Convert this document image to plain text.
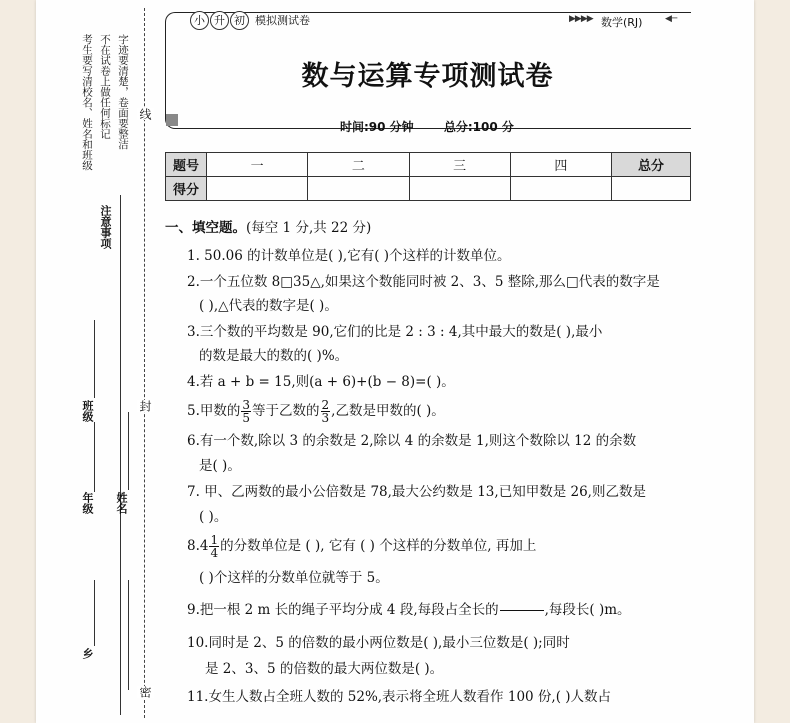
考生要写清校名、姓名和班级 不在试卷上做任何标记 字迹要清楚，卷面要整洁
注意事项
班级
年级 姓名
乡
线
封
密
小 升 初 模拟测试卷	▶▶▶▶ 数学(RJ)	◀─
数与运算专项测试卷
时间:90 分钟	总分:100 分
题号	一	二	三	四	总分
得分					
一、填空题。(每空 1 分,共 22 分)
1. 50.06 的计数单位是( ),它有( )个这样的计数单位。
2.一个五位数 8□35△,如果这个数能同时被 2、3、5 整除,那么□代表的数字是
( ),△代表的数字是( )。
3.三个数的平均数是 90,它们的比是 2 : 3 : 4,其中最大的数是( ),最小
的数是最大的数的( )%。
4.若 a + b = 15,则(a + 6)+(b − 8)=( )。
5.甲数的 $\frac{3}{5}$ 等于乙数的 $\frac{2}{3}$ ,乙数是甲数的( )。
6.有一个数,除以 3 的余数是 2,除以 4 的余数是 1,则这个数除以 12 的余数
是( )。
7. 甲、乙两数的最小公倍数是 78,最大公约数是 13,已知甲数是 26,则乙数是
( )。
$8.4 \frac{1}{4}$ 的分数单位是 ( ), 它有 ( ) 个这样的分数单位, 再加上
( )个这样的分数单位就等于 5。
9.把一根 2 m 长的绳子平均分成 4 段,每段占全长的

	,每段长( )m。
10.同时是 2、5 的倍数的最小两位数是( ),最小三位数是( );同时
是 2、3、5 的倍数的最大两位数是( )。
11.女生人数占全班人数的 52%,表示将全班人数看作 100 份,( )人数占
